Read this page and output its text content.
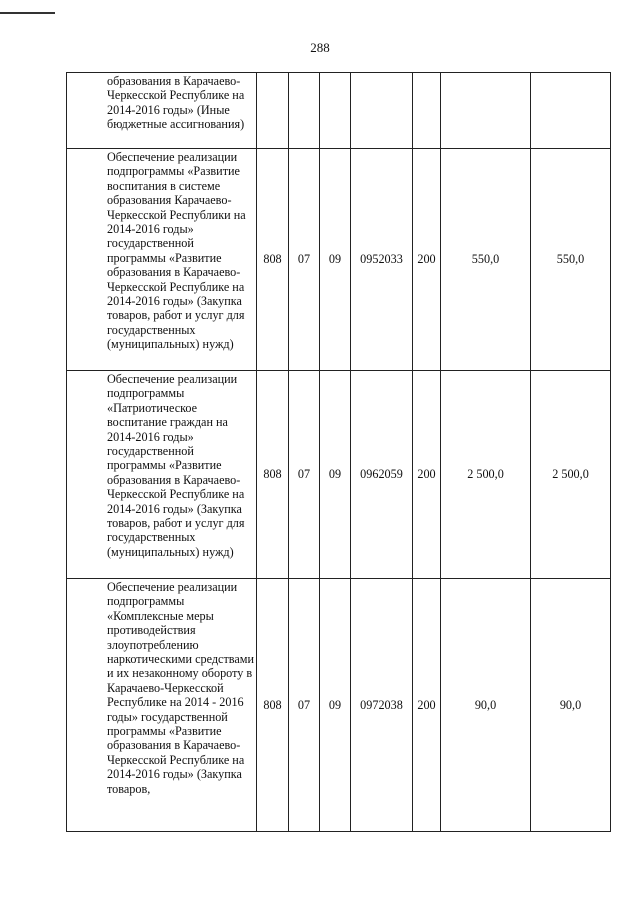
288
образования в Карачаево-Черкесской Республике на 2014-2016 годы» (Иные бюджетные ассигнования)							
Обеспечение реализации подпрограммы «Развитие воспитания в системе образования Карачаево-Черкесской Республики на 2014-2016 годы» государственной программы «Развитие образования в Карачаево-Черкесской Республике на 2014-2016 годы» (Закупка товаров, работ и услуг для государственных (муниципальных) нужд)	808	07	09	0952033	200	550,0	550,0
Обеспечение реализации подпрограммы «Патриотическое воспитание граждан на 2014-2016 годы» государственной программы «Развитие образования в Карачаево-Черкесской Республике на 2014-2016 годы» (Закупка товаров, работ и услуг для государственных (муниципальных) нужд)	808	07	09	0962059	200	2 500,0	2 500,0
Обеспечение реализации подпрограммы «Комплексные меры противодействия злоупотреблению наркотическими средствами и их незаконному обороту в Карачаево-Черкесской Республике на 2014 - 2016 годы» государственной программы «Развитие образования в Карачаево-Черкесской Республике на 2014-2016 годы» (Закупка товаров,	808	07	09	0972038	200	90,0	90,0
